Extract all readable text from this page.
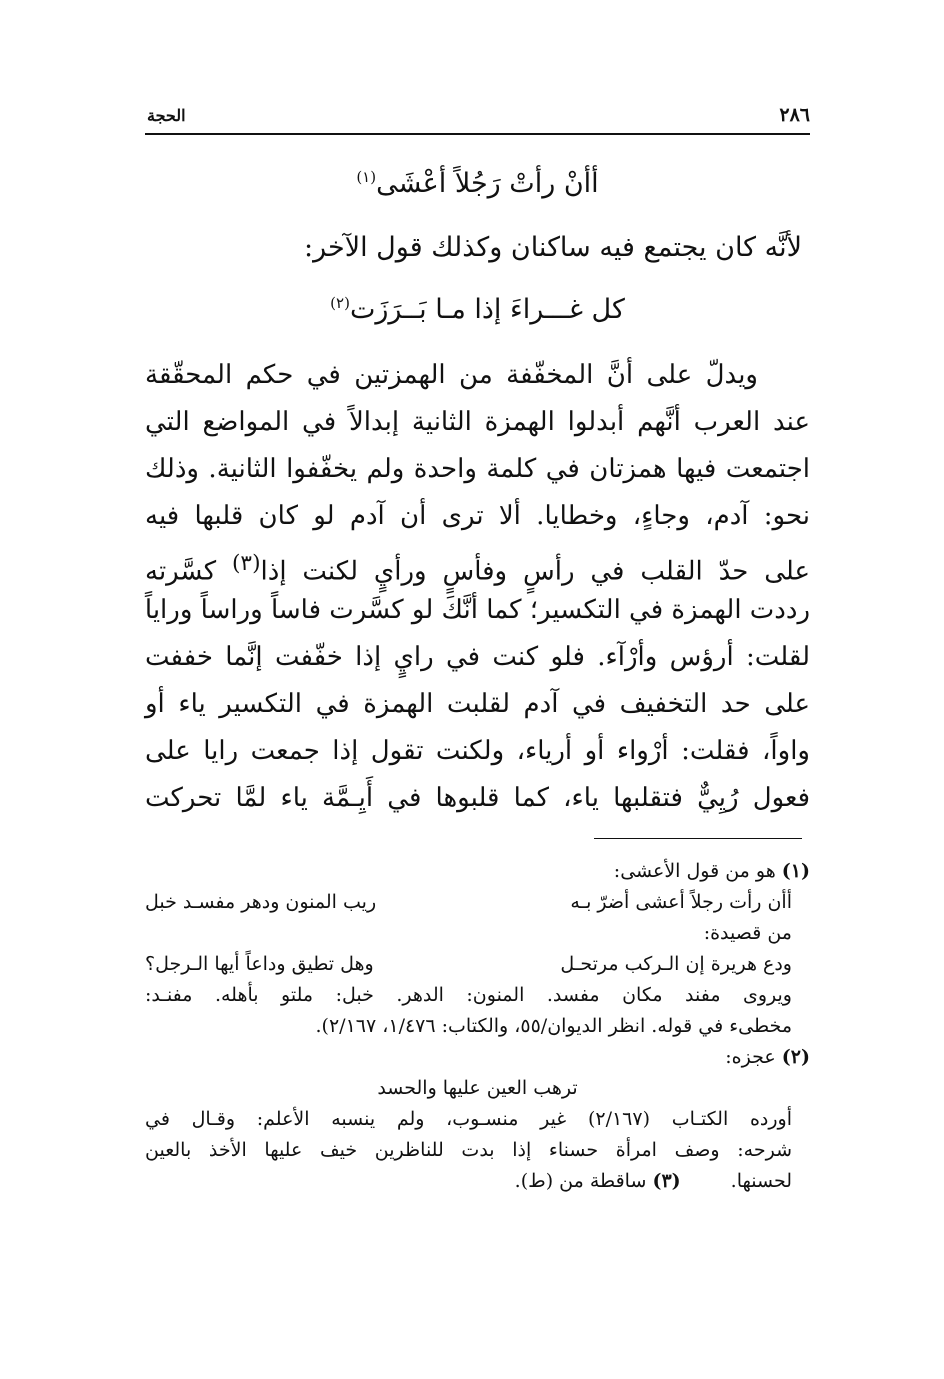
٢٨٦
الحجة
أأنْ رأتْ رَجُلاً أعْشَى$^{(١)}$
لأنَّه كان يجتمع فيه ساكنان وكذلك قول الآخر:
كل غـــراءَ إذا مـا بَــرَزَت$^{(٢)}$
ويدلّ على أنَّ المخفّفة من الهمزتين في حكم المحقّقة
عند العرب أنَّهم أبدلوا الهمزة الثانية إبدالاً في المواضع التي
اجتمعت فيها همزتان في كلمة واحدة ولم يخفّفوا الثانية. وذلك
نحو: آدم، وجاءٍ، وخطايا. ألا ترى أن آدم لو كان قلبها فيه
على حدّ القلب في رأسٍ وفأسٍ ورأيٍ لكنت إذا$^{(٣)}$ كسَّرته
رددت الهمزة في التكسير؛ كما أنَّكَ لو كسَّرت فاساً وراساً وراياً
لقلت: أرؤس وأرْآء. فلو كنت في رايٍ إذا خفّفت إنَّما خففت
على حد التخفيف في آدم لقلبت الهمزة في التكسير ياء أو
واواً، فقلت: أرْواء أو أرياء، ولكنت تقول إذا جمعت رايا على
فعول رُيِيٌّ فتقلبها ياء، كما قلبوها في أَيِـمَّة ياء لمَّا تحركت
(١) هو من قول الأعشى:
أأن رأت رجلاً أعشى أضرّ بـه
ريب المنون ودهر مفسـد خبل
من قصيدة:
ودع هريرة إن الـركب مرتحـل
وهل تطيق وداعاً أيها الـرجل؟
ويروى مفند مكان مفسد. المنون: الدهر. خبل: ملتو بأهله. مفنـد:
مخطىء في قوله. انظر الديوان/٥٥، والكتاب: ١/٤٧٦، ٢/١٦٧).
(٢) عجزه:
ترهب العين عليها والحسد
أورده الكتـاب (٢/١٦٧) غير منسـوب، ولم ينسبه الأعلم: وقـال في
شرحه: وصف امرأة حسناء إذا بدت للناظرين خيف عليها الأخذ بالعين
لحسنها.
(٣) ساقطة من (ط).
